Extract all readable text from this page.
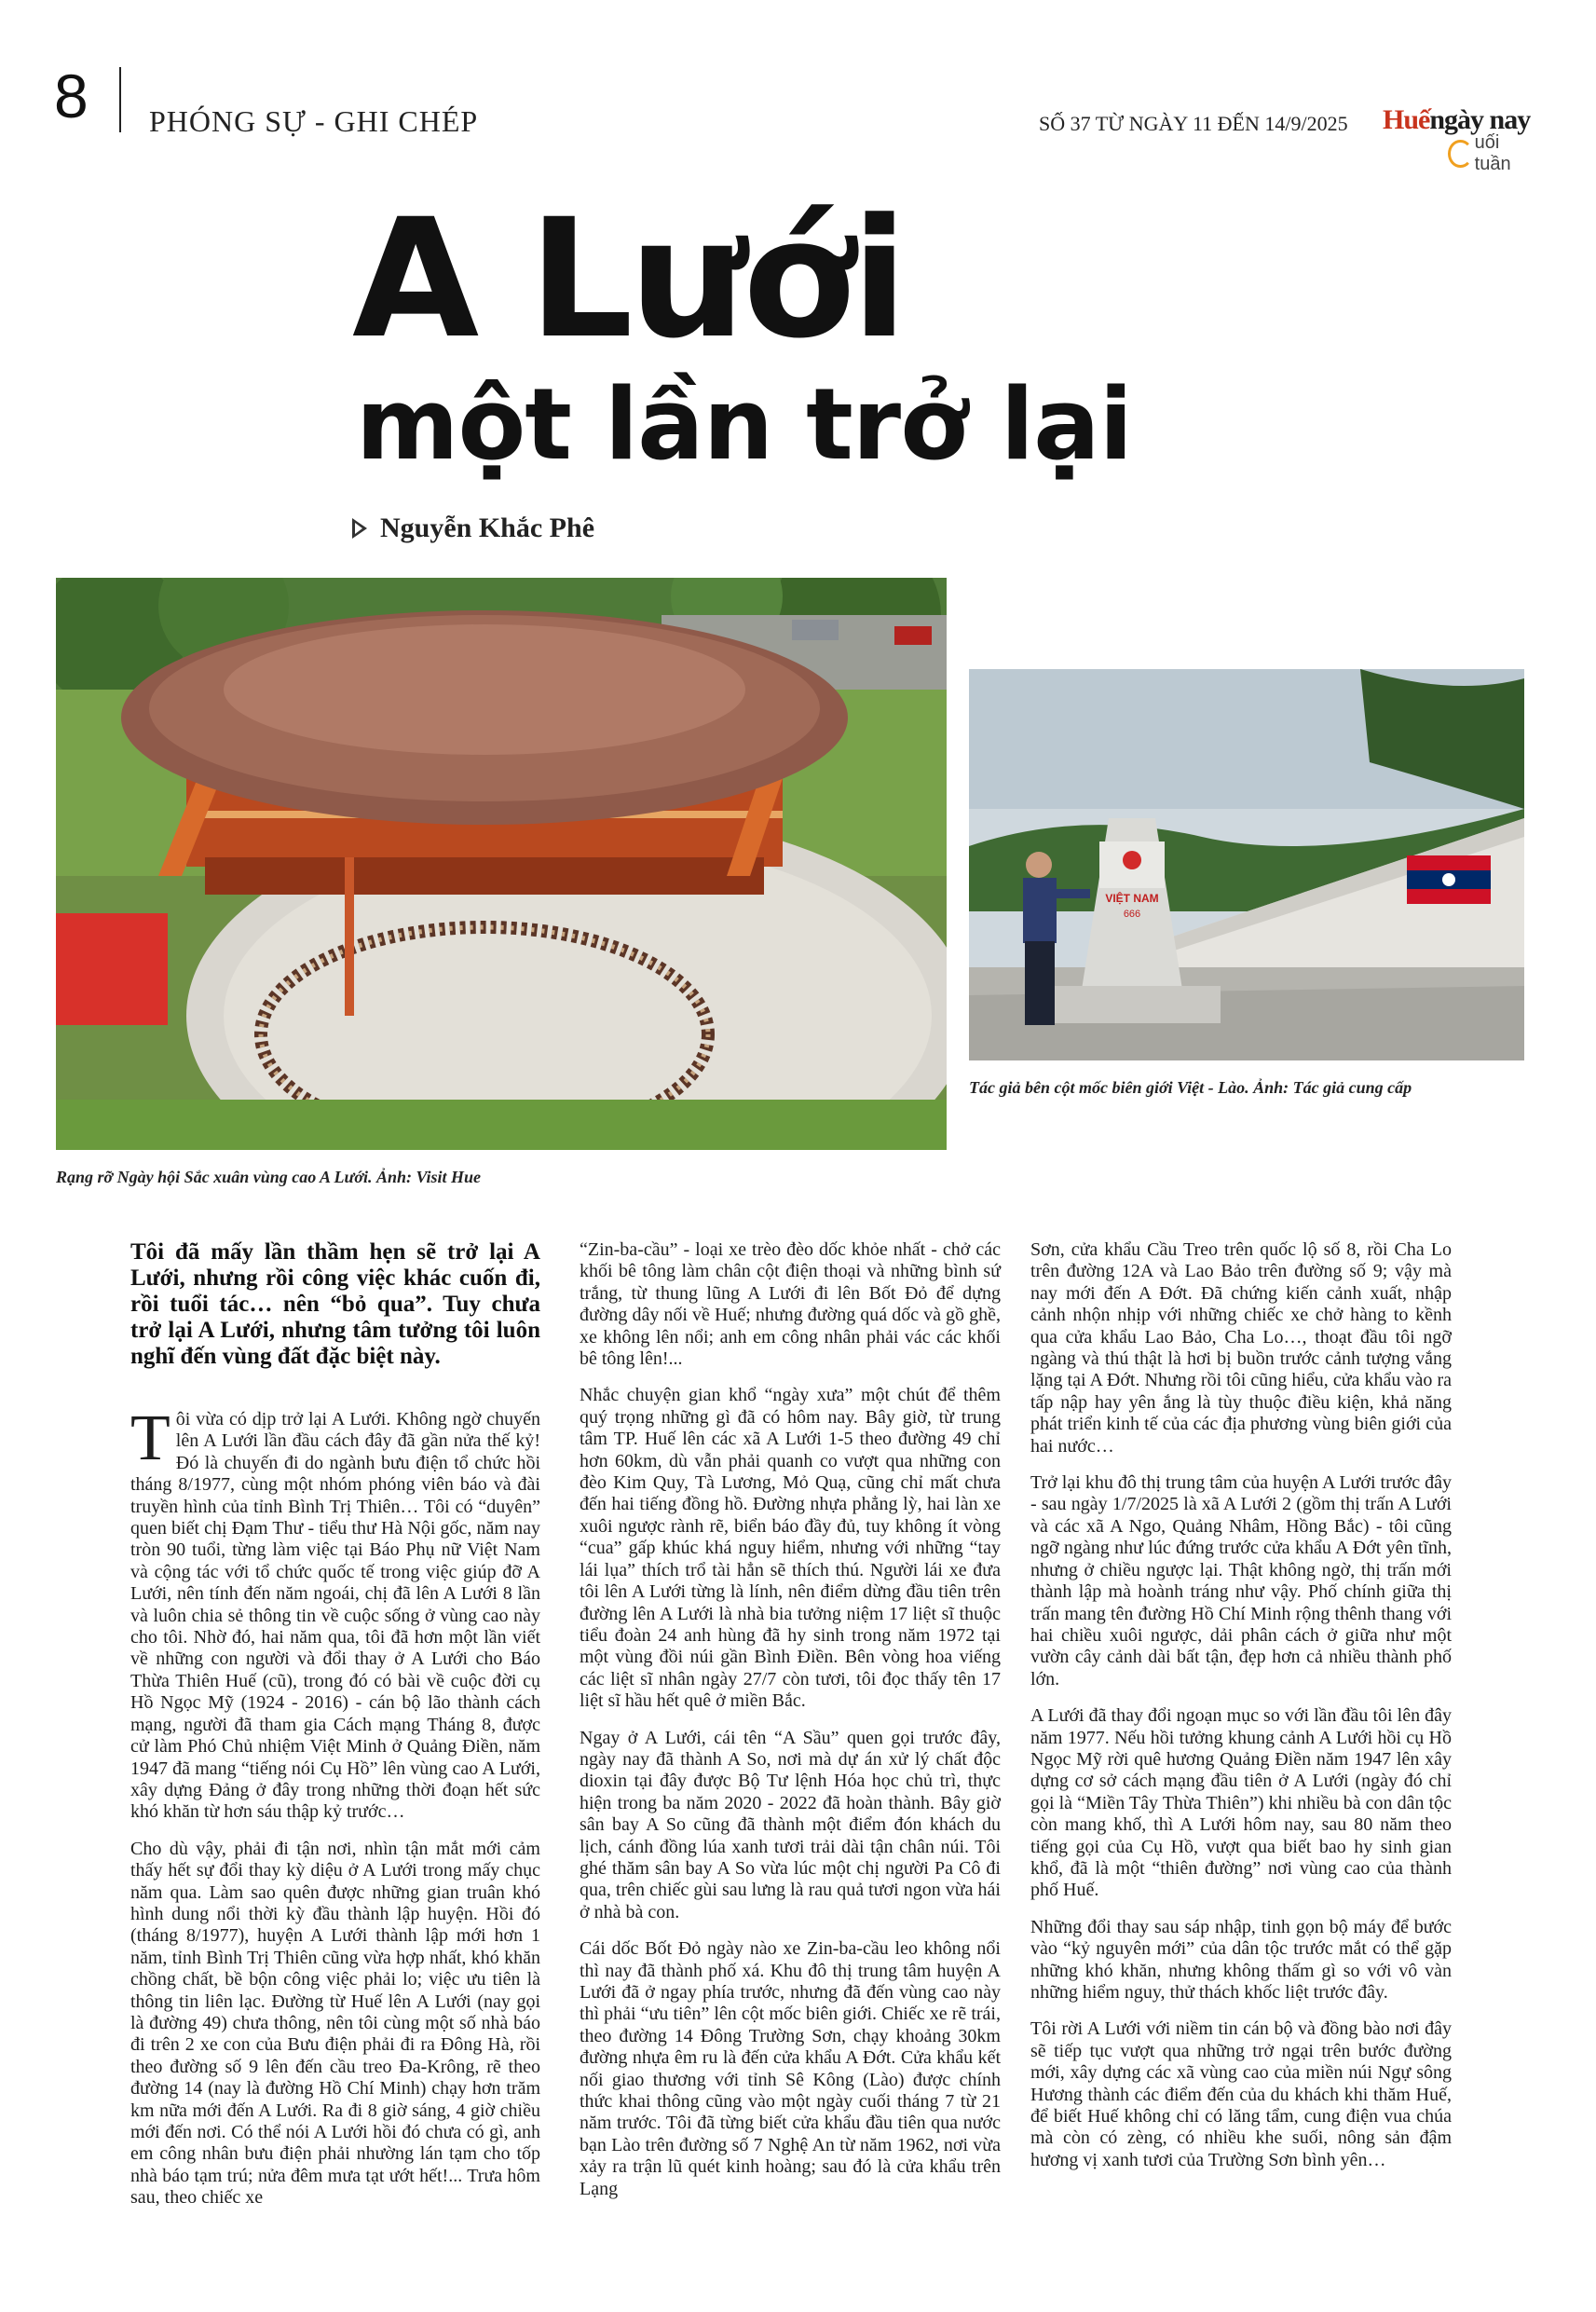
8 PHÓNG SỰ - GHI CHÉP	SỐ 37 TỪ NGÀY 11 ĐẾN 14/9/2025 Huếngày nay
uối tuần
A Lưới
một lần trở lại
Nguyễn Khắc Phê
Rạng rỡ Ngày hội Sắc xuân vùng cao A Lưới. Ảnh: Visit Hue
VIỆT NAM
666
Tác giả bên cột mốc biên giới Việt - Lào. Ảnh: Tác giả cung cấp
Tôi đã mấy lần thầm hẹn sẽ trở lại A Lưới, nhưng rồi công việc khác cuốn đi, rồi tuổi tác… nên “bỏ qua”. Tuy chưa trở lại A Lưới, nhưng tâm tưởng tôi luôn nghĩ đến vùng đất đặc biệt này.

Tôi vừa có dịp trở lại A Lưới. Không ngờ chuyến lên A Lưới lần đầu cách đây đã gần nửa thế kỷ! Đó là chuyến đi do ngành bưu điện tổ chức hồi tháng 8/1977, cùng một nhóm phóng viên báo và đài truyền hình của tỉnh Bình Trị Thiên… Tôi có “duyên” quen biết chị Đạm Thư - tiểu thư Hà Nội gốc, năm nay tròn 90 tuổi, từng làm việc tại Báo Phụ nữ Việt Nam và cộng tác với tổ chức quốc tế trong việc giúp đỡ A Lưới, nên tính đến năm ngoái, chị đã lên A Lưới 8 lần và luôn chia sẻ thông tin về cuộc sống ở vùng cao này cho tôi. Nhờ đó, hai năm qua, tôi đã hơn một lần viết về những con người và đổi thay ở A Lưới cho Báo Thừa Thiên Huế (cũ), trong đó có bài về cuộc đời cụ Hồ Ngọc Mỹ (1924 - 2016) - cán bộ lão thành cách mạng, người đã tham gia Cách mạng Tháng 8, được cử làm Phó Chủ nhiệm Việt Minh ở Quảng Điền, năm 1947 đã mang “tiếng nói Cụ Hồ” lên vùng cao A Lưới, xây dựng Đảng ở đây trong những thời đoạn hết sức khó khăn từ hơn sáu thập kỷ trước…

Cho dù vậy, phải đi tận nơi, nhìn tận mắt mới cảm thấy hết sự đổi thay kỳ diệu ở A Lưới trong mấy chục năm qua. Làm sao quên được những gian truân khó hình dung nổi thời kỳ đầu thành lập huyện. Hồi đó (tháng 8/1977), huyện A Lưới thành lập mới hơn 1 năm, tỉnh Bình Trị Thiên cũng vừa hợp nhất, khó khăn chồng chất, bề bộn công việc phải lo; việc ưu tiên là thông tin liên lạc. Đường từ Huế lên A Lưới (nay gọi là đường 49) chưa thông, nên tôi cùng một số nhà báo đi trên 2 xe con của Bưu điện phải đi ra Đông Hà, rồi theo đường số 9 lên đến cầu treo Đa-Krông, rẽ theo đường 14 (nay là đường Hồ Chí Minh) chạy hơn trăm km nữa mới đến A Lưới. Ra đi 8 giờ sáng, 4 giờ chiều mới đến nơi. Có thể nói A Lưới hồi đó chưa có gì, anh em công nhân bưu điện phải nhường lán tạm cho tốp nhà báo tạm trú; nửa đêm mưa tạt ướt hết!... Trưa hôm sau, theo chiếc xe

“Zin-ba-cầu” - loại xe trèo đèo dốc khỏe nhất - chở các khối bê tông làm chân cột điện thoại và những bình sứ trắng, từ thung lũng A Lưới đi lên Bốt Đỏ để dựng đường dây nối về Huế; nhưng đường quá dốc và gồ ghề, xe không lên nổi; anh em công nhân phải vác các khối bê tông lên!...

Nhắc chuyện gian khổ “ngày xưa” một chút để thêm quý trọng những gì đã có hôm nay. Bây giờ, từ trung tâm TP. Huế lên các xã A Lưới 1-5 theo đường 49 chỉ hơn 60km, dù vẫn phải quanh co vượt qua những con đèo Kim Quy, Tà Lương, Mỏ Quạ, cũng chỉ mất chưa đến hai tiếng đồng hồ. Đường nhựa phẳng lỳ, hai làn xe xuôi ngược rành rẽ, biển báo đầy đủ, tuy không ít vòng “cua” gấp khúc khá nguy hiểm, nhưng với những “tay lái lụa” thích trổ tài hẳn sẽ thích thú. Người lái xe đưa tôi lên A Lưới từng là lính, nên điểm dừng đầu tiên trên đường lên A Lưới là nhà bia tưởng niệm 17 liệt sĩ thuộc tiểu đoàn 24 anh hùng đã hy sinh trong năm 1972 tại một vùng đồi núi gần Bình Điền. Bên vòng hoa viếng các liệt sĩ nhân ngày 27/7 còn tươi, tôi đọc thấy tên 17 liệt sĩ hầu hết quê ở miền Bắc.

Ngay ở A Lưới, cái tên “A Sầu” quen gọi trước đây, ngày nay đã thành A So, nơi mà dự án xử lý chất độc dioxin tại đây được Bộ Tư lệnh Hóa học chủ trì, thực hiện trong ba năm 2020 - 2022 đã hoàn thành. Bây giờ sân bay A So cũng đã thành một điểm đón khách du lịch, cánh đồng lúa xanh tươi trải dài tận chân núi. Tôi ghé thăm sân bay A So vừa lúc một chị người Pa Cô đi qua, trên chiếc gùi sau lưng là rau quả tươi ngon vừa hái ở nhà bà con.

Cái dốc Bốt Đỏ ngày nào xe Zin-ba-cầu leo không nổi thì nay đã thành phố xá. Khu đô thị trung tâm huyện A Lưới đã ở ngay phía trước, nhưng đã đến vùng cao này thì phải “ưu tiên” lên cột mốc biên giới. Chiếc xe rẽ trái, theo đường 14 Đông Trường Sơn, chạy khoảng 30km đường nhựa êm ru là đến cửa khẩu A Đớt. Cửa khẩu kết nối giao thương với tỉnh Sê Kông (Lào) được chính thức khai thông cũng vào một ngày cuối tháng 7 từ 21 năm trước. Tôi đã từng biết cửa khẩu đầu tiên qua nước bạn Lào trên đường số 7 Nghệ An từ năm 1962, nơi vừa xảy ra trận lũ quét kinh hoàng; sau đó là cửa khẩu trên Lạng

Sơn, cửa khẩu Cầu Treo trên quốc lộ số 8, rồi Cha Lo trên đường 12A và Lao Bảo trên đường số 9; vậy mà nay mới đến A Đớt. Đã chứng kiến cảnh xuất, nhập cảnh nhộn nhịp với những chiếc xe chở hàng to kềnh qua cửa khẩu Lao Bảo, Cha Lo…, thoạt đầu tôi ngỡ ngàng và thú thật là hơi bị buồn trước cảnh tượng vắng lặng tại A Đớt. Nhưng rồi tôi cũng hiểu, cửa khẩu vào ra tấp nập hay yên ắng là tùy thuộc điều kiện, khả năng phát triển kinh tế của các địa phương vùng biên giới của hai nước…

Trở lại khu đô thị trung tâm của huyện A Lưới trước đây - sau ngày 1/7/2025 là xã A Lưới 2 (gồm thị trấn A Lưới và các xã A Ngo, Quảng Nhâm, Hồng Bắc) - tôi cũng ngỡ ngàng như lúc đứng trước cửa khẩu A Đớt yên tĩnh, nhưng ở chiều ngược lại. Thật không ngờ, thị trấn mới thành lập mà hoành tráng như vậy. Phố chính giữa thị trấn mang tên đường Hồ Chí Minh rộng thênh thang với hai chiều xuôi ngược, dải phân cách ở giữa như một vườn cây cảnh dài bất tận, đẹp hơn cả nhiều thành phố lớn.

A Lưới đã thay đổi ngoạn mục so với lần đầu tôi lên đây năm 1977. Nếu hồi tưởng khung cảnh A Lưới hồi cụ Hồ Ngọc Mỹ rời quê hương Quảng Điền năm 1947 lên xây dựng cơ sở cách mạng đầu tiên ở A Lưới (ngày đó chỉ gọi là “Miền Tây Thừa Thiên”) khi nhiều bà con dân tộc còn mang khố, thì A Lưới hôm nay, sau 80 năm theo tiếng gọi của Cụ Hồ, vượt qua biết bao hy sinh gian khổ, đã là một “thiên đường” nơi vùng cao của thành phố Huế.

Những đổi thay sau sáp nhập, tinh gọn bộ máy để bước vào “kỷ nguyên mới” của dân tộc trước mắt có thể gặp những khó khăn, nhưng không thấm gì so với vô vàn những hiểm nguy, thử thách khốc liệt trước đây.

Tôi rời A Lưới với niềm tin cán bộ và đồng bào nơi đây sẽ tiếp tục vượt qua những trở ngại trên bước đường mới, xây dựng các xã vùng cao của miền núi Ngự sông Hương thành các điểm đến của du khách khi thăm Huế, để biết Huế không chỉ có lăng tẩm, cung điện vua chúa mà còn có zèng, có nhiều khe suối, nông sản đậm hương vị xanh tươi của Trường Sơn bình yên…
